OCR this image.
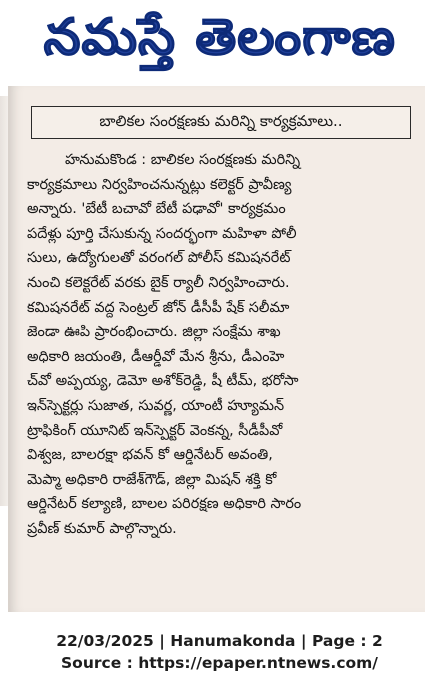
నమస్తే తెలంగాణ
బాలికల సంరక్షణకు మరిన్ని కార్యక్రమాలు..
హనుమకొండ : బాలికల సంరక్షణకు మరిన్ని
కార్యక్రమాలు నిర్వహించనున్నట్లు కలెక్టర్ ప్రావీణ్య
అన్నారు. 'బేటీ బచావో బేటీ పఢావో' కార్యక్రమం
పదేళ్లు పూర్తి చేసుకున్న సందర్భంగా మహిళా పోలీ
సులు, ఉద్యోగులతో వరంగల్ పోలీస్ కమిషనరేట్
నుంచి కలెక్టరేట్ వరకు బైక్ ర్యాలీ నిర్వహించారు.
కమిషనరేట్ వద్ద సెంట్రల్ జోన్ డీసీపీ షేక్ సలీమా
జెండా ఊపి ప్రారంభించారు. జిల్లా సంక్షేమ శాఖ
అధికారి జయంతి, డీఆర్డీవో మేన శ్రీను, డీఎంహె
చ్‌వో అప్పయ్య, డెమో అశోక్‌రెడ్డి, షీ టీమ్, భరోసా
ఇన్‌స్పెక్టర్లు సుజాత, సువర్ణ, యాంటీ హ్యూమన్
ట్రాఫికింగ్ యూనిట్ ఇన్‌స్పెక్టర్ వెంకన్న, సీడీపీవో
విశ్వజ, బాలరక్షా భవన్ కో ఆర్డినేటర్ అవంతి,
మెప్మా అధికారి రాజేశ్‌గౌడ్, జిల్లా మిషన్ శక్తి కో
ఆర్డినేటర్ కల్యాణి, బాలల పరిరక్షణ అధికారి సారం
ప్రవీణ్ కుమార్ పాల్గొన్నారు.
22/03/2025 | Hanumakonda | Page : 2
Source : https://epaper.ntnews.com/
